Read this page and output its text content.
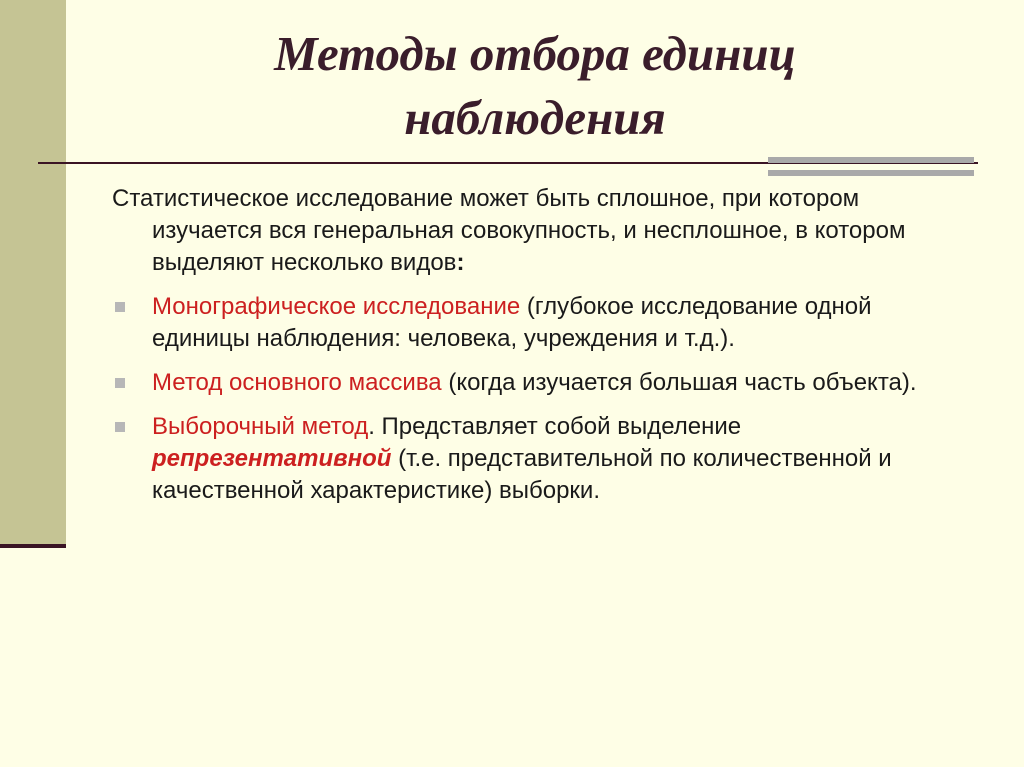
Методы отбора единиц
наблюдения

Статистическое исследование может быть сплошное, при котором изучается вся генеральная совокупность, и несплошное, в котором выделяют несколько видов:

Монографическое исследование (глубокое исследование одной единицы наблюдения: человека, учреждения и т.д.).

Метод основного массива (когда изучается большая часть объекта).

Выборочный метод. Представляет собой выделение репрезентативной (т.е. представительной по количественной и качественной характеристике) выборки.
